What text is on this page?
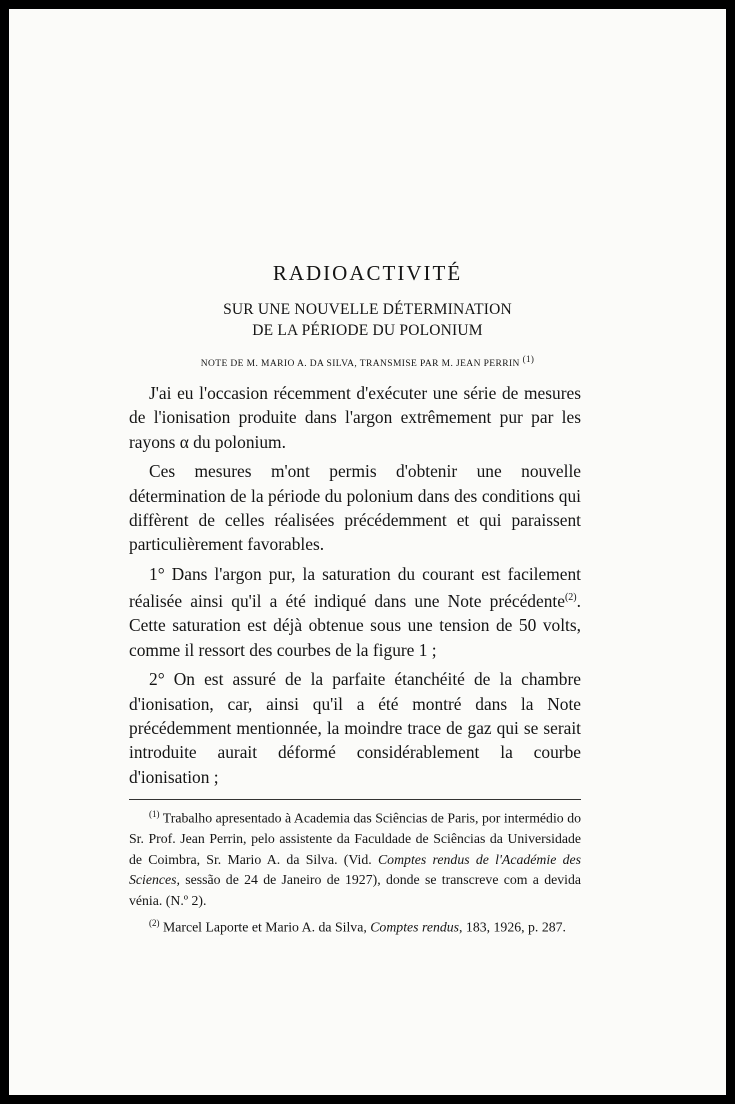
RADIOACTIVITÉ
SUR UNE NOUVELLE DÉTERMINATION
DE LA PÉRIODE DU POLONIUM
NOTE DE M. MARIO A. DA SILVA, TRANSMISE PAR M. JEAN PERRIN $^{(1)}$

J'ai eu l'occasion récemment d'exécuter une série de mesures de l'ionisation produite dans l'argon extrêmement pur par les rayons α du polonium.

Ces mesures m'ont permis d'obtenir une nouvelle détermination de la période du polonium dans des conditions qui diffèrent de celles réalisées précédemment et qui paraissent particulièrement favorables.

1° Dans l'argon pur, la saturation du courant est facilement réalisée ainsi qu'il a été indiqué dans une Note précédente$^{(2)}$. Cette saturation est déjà obtenue sous une tension de 50 volts, comme il ressort des courbes de la figure 1 ;

2° On est assuré de la parfaite étanchéité de la chambre d'ionisation, car, ainsi qu'il a été montré dans la Note précédemment mentionnée, la moindre trace de gaz qui se serait introduite aurait déformé considérablement la courbe d'ionisation ;

$^{(1)}$ Trabalho apresentado à Academia das Sciências de Paris, por intermédio do Sr. Prof. Jean Perrin, pelo assistente da Faculdade de Sciências da Universidade de Coimbra, Sr. Mario A. da Silva. (Vid. Comptes rendus de l'Académie des Sciences, sessão de 24 de Janeiro de 1927), donde se transcreve com a devida vénia. (N.º 2).

$^{(2)}$ Marcel Laporte et Mario A. da Silva, Comptes rendus, 183, 1926, p. 287.
